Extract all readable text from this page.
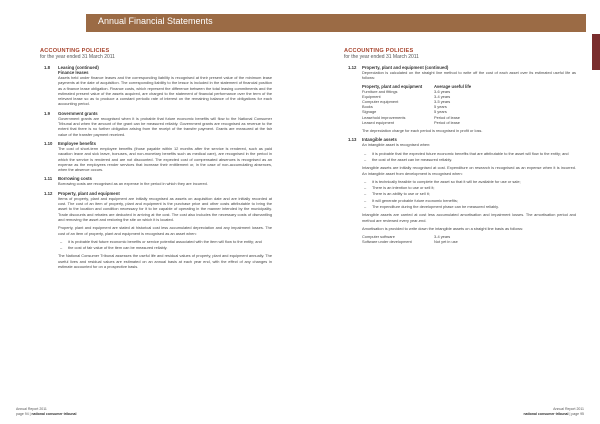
Annual Financial Statements
ACCOUNTING POLICIES
for the year ended 31 March 2011
1.8 Leasing (continued)
Finance leases

Assets held under finance leases and the corresponding liability is recognised at their present value of the minimum lease payments at the date of acquisition. The corresponding liability to the lessor is included in the statement of financial position as a finance lease obligation. Finance costs, which represent the difference between the total leasing commitments and the estimated present value of the assets acquired, are charged to the statement of financial performance over the term of the relevant lease so as to produce a constant periodic rate of interest on the remaining balance of the obligations for each accounting period.

1.9 Government grants

Government grants are recognised when it is probable that future economic benefits will flow to the National Consumer Tribunal and when the amount of the grant can be measured reliably. Government grants are recognised as revenue to the extent that there is no further obligation arising from the receipt of the transfer payment. Grants are measured at the fair value of the transfer payment received.

1.10 Employee benefits

The cost of short-term employee benefits (those payable within 12 months after the service is rendered, such as paid vacation leave and sick leave, bonuses, and non-monetary benefits such as medical care), are recognised in the period in which the service is rendered and are not discounted. The expected cost of compensated absences is recognised as an expense as the employees render services that increase their entitlement or, in the case of non-accumulating absences, when the absence occurs.

1.11 Borrowing costs

Borrowing costs are recognised as an expense in the period in which they are incurred.

1.12 Property, plant and equipment

Items of property, plant and equipment are initially recognised as assets on acquisition date and are initially recorded at cost. The cost of an item of property, plant and equipment is the purchase price and other costs attributable to bring the asset to the location and condition necessary for it to be capable of operating in the manner intended by the municipality. Trade discounts and rebates are deducted in arriving at the cost. The cost also includes the necessary costs of dismantling and removing the asset and restoring the site on which it is located.

Property, plant and equipment are stated at historical cost less accumulated depreciation and any impairment losses. The cost of an item of property, plant and equipment is recognised as an asset when:

– it is probable that future economic benefits or service potential associated with the item will flow to the entity; and
– the cost of fair value of the item can be measured reliably.

The National Consumer Tribunal assesses the useful life and residual values of property, plant and equipment annually. The useful lives and residual values are estimated on an annual basis at each year end, with the effect of any changes in estimate accounted for on a prospective basis.

ACCOUNTING POLICIES
for the year ended 31 March 2011
1.12 Property, plant and equipment (continued)

Depreciation is calculated on the straight line method to write off the cost of each asset over its estimated useful life as follows:

Property, plant and equipment	Average useful life
Furniture and fittings	3-6 years
Equipment	3-4 years
Computer equipment	3-5 years
Books	5 years
Signage	5 years
Leasehold improvements	Period of lease
Leased equipment	Period of lease

The depreciation charge for each period is recognised in profit or loss.

1.13 Intangible assets

An intangible asset is recognised when:

– it is probable that the expected future economic benefits that are attributable to the asset will flow to the entity; and
– the cost of the asset can be measured reliably.

Intangible assets are initially recognised at cost. Expenditure on research is recognised as an expense when it is incurred. An intangible asset from development is recognised when:

– it is technically feasible to complete the asset so that it will be available for use or sale;
– There is an intention to use or sell it;
– There is an ability to use or sell it;
– It will generate probable future economic benefits;
– The expenditure during the development phase can be measured reliably.

Intangible assets are carried at cost less accumulated amortisation and impairment losses. The amortisation period and method are reviewed every year-end.

Amortisation is provided to write down the intangible assets on a straight line basis as follows:

Computer software	3-4 years
Software under development	Not yet in use
Annual Report 2011
page 94 | national consumer tribunal
Annual Report 2011
national consumer tribunal | page 95
